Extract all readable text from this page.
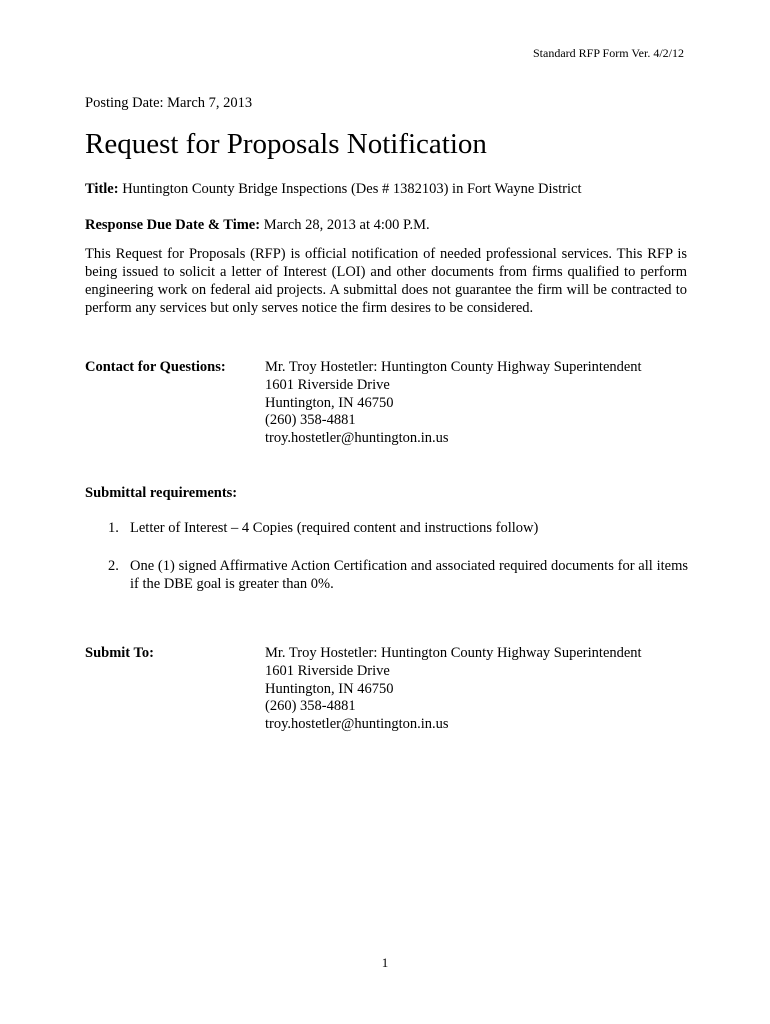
Standard RFP Form Ver. 4/2/12
Posting Date: March 7, 2013
Request for Proposals Notification
Title: Huntington County Bridge Inspections (Des # 1382103) in Fort Wayne District
Response Due Date & Time: March 28, 2013 at 4:00 P.M.

This Request for Proposals (RFP) is official notification of needed professional services. This RFP is being issued to solicit a letter of Interest (LOI) and other documents from firms qualified to perform engineering work on federal aid projects. A submittal does not guarantee the firm will be contracted to perform any services but only serves notice the firm desires to be considered.

Contact for Questions:	Mr. Troy Hostetler: Huntington County Highway Superintendent
1601 Riverside Drive
Huntington, IN 46750
(260) 358-4881
troy.hostetler@huntington.in.us
Submittal requirements:
1. Letter of Interest – 4 Copies (required content and instructions follow)
2. One (1) signed Affirmative Action Certification and associated required documents for all items if the DBE goal is greater than 0%.
Submit To:	Mr. Troy Hostetler: Huntington County Highway Superintendent
1601 Riverside Drive
Huntington, IN 46750
(260) 358-4881
troy.hostetler@huntington.in.us
1
